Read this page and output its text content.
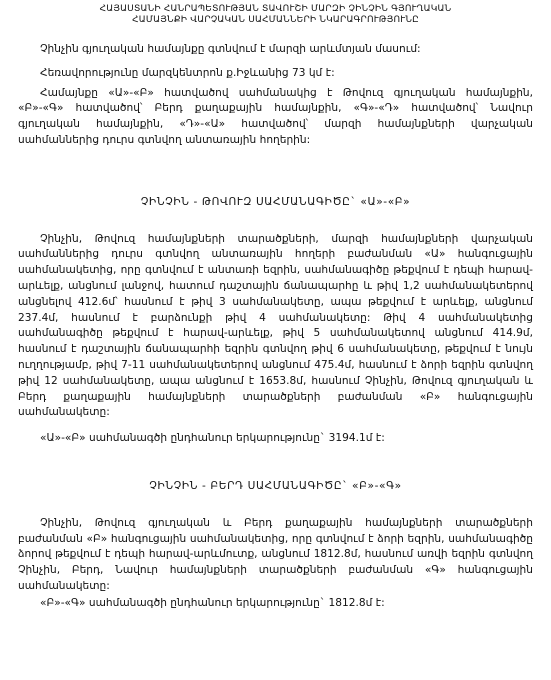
ՀԱՅԱՍՏԱՆԻ ՀԱՆՐԱՊԵՏՈՒԹՅԱՆ ՏԱՎՈՒՇԻ ՄԱՐԶԻ ՉԻՆՉԻՆ ԳՅՈՒՂԱԿԱՆ
ՀԱՄԱՅՆՔԻ ՎԱՐՉԱԿԱՆ ՍԱՀՄԱՆՆԵՐԻ ՆԿԱՐԱԳՐՈՒԹՅՈՒՆԸ

Չինչին գյուղական համայնքը գտնվում է մարզի արևմտյան մասում:

Հեռավորությունը մարզկենտրոն ք.Իջևանից 73 կմ է:

Համայնքը «Ա»-«Բ» հատվածով սահմանակից է Թովուզ գյուղական համայնքին, «Բ»-«Գ» հատվածով՝ Բերդ քաղաքային համայնքին, «Գ»-«Դ» հատվածով՝ Նավուր գյուղական համայնքին, «Դ»-«Ա» հատվածով՝ մարզի համայնքների վարչական սահմաններից դուրս գտնվող անտառային հողերին:

ՉԻՆՉԻՆ - ԹՈՎՈՒԶ ՍԱՀՄԱՆԱԳԻԾԸ` «Ա»-«Բ»

Չինչին, Թովուզ համայնքների տարածքների, մարզի համայնքների վարչական սահմաններից դուրս գտնվող անտառային հողերի բաժանման «Ա» հանգուցային սահմանակետից, որը գտնվում է անտառի եզրին, սահմանագիծը թեքվում է դեպի հարավ-արևելք, անցնում լանջով, հատում դաշտային ճանապարհը և թիվ 1,2 սահմանակետերով անցնելով 412.6մ՝ հասնում է թիվ 3 սահմանակետը, ապա թեքվում է արևելք, անցնում 237.4մ, հասնում է բարձունքի թիվ 4 սահմանակետը: Թիվ 4 սահմանակետից սահմանագիծը թեքվում է հարավ-արևելք, թիվ 5 սահմանակետով անցնում 414.9մ, հասնում է դաշտային ճանապարհի եզրին գտնվող թիվ 6 սահմանակետը, թեքվում է նույն ուղղությամբ, թիվ 7-11 սահմանակետերով անցնում 475.4մ, հասնում է ձորի եզրին գտնվող թիվ 12 սահմանակետը, ապա անցնում է 1653.8մ, հասնում Չինչին, Թովուզ գյուղական և Բերդ քաղաքային համայնքների տարածքների բաժանման «Բ» հանգուցային սահմանակետը:

«Ա»-«Բ» սահմանագծի ընդհանուր երկարությունը` 3194.1մ է:

ՉԻՆՉԻՆ - ԲԵՐԴ ՍԱՀՄԱՆԱԳԻԾԸ` «Բ»-«Գ»

Չինչին, Թովուզ գյուղական և Բերդ քաղաքային համայնքների տարածքների բաժանման «Բ» հանգուցային սահմանակետից, որը գտնվում է ձորի եզրին, սահմանագիծը ձորով թեքվում է դեպի հարավ-արևմուտք, անցնում 1812.8մ, հասնում առվի եզրին գտնվող Չինչին, Բերդ, Նավուր համայնքների տարածքների բաժանման «Գ» հանգուցային սահմանակետը:

«Բ»-«Գ» սահմանագծի ընդհանուր երկարությունը` 1812.8մ է:
